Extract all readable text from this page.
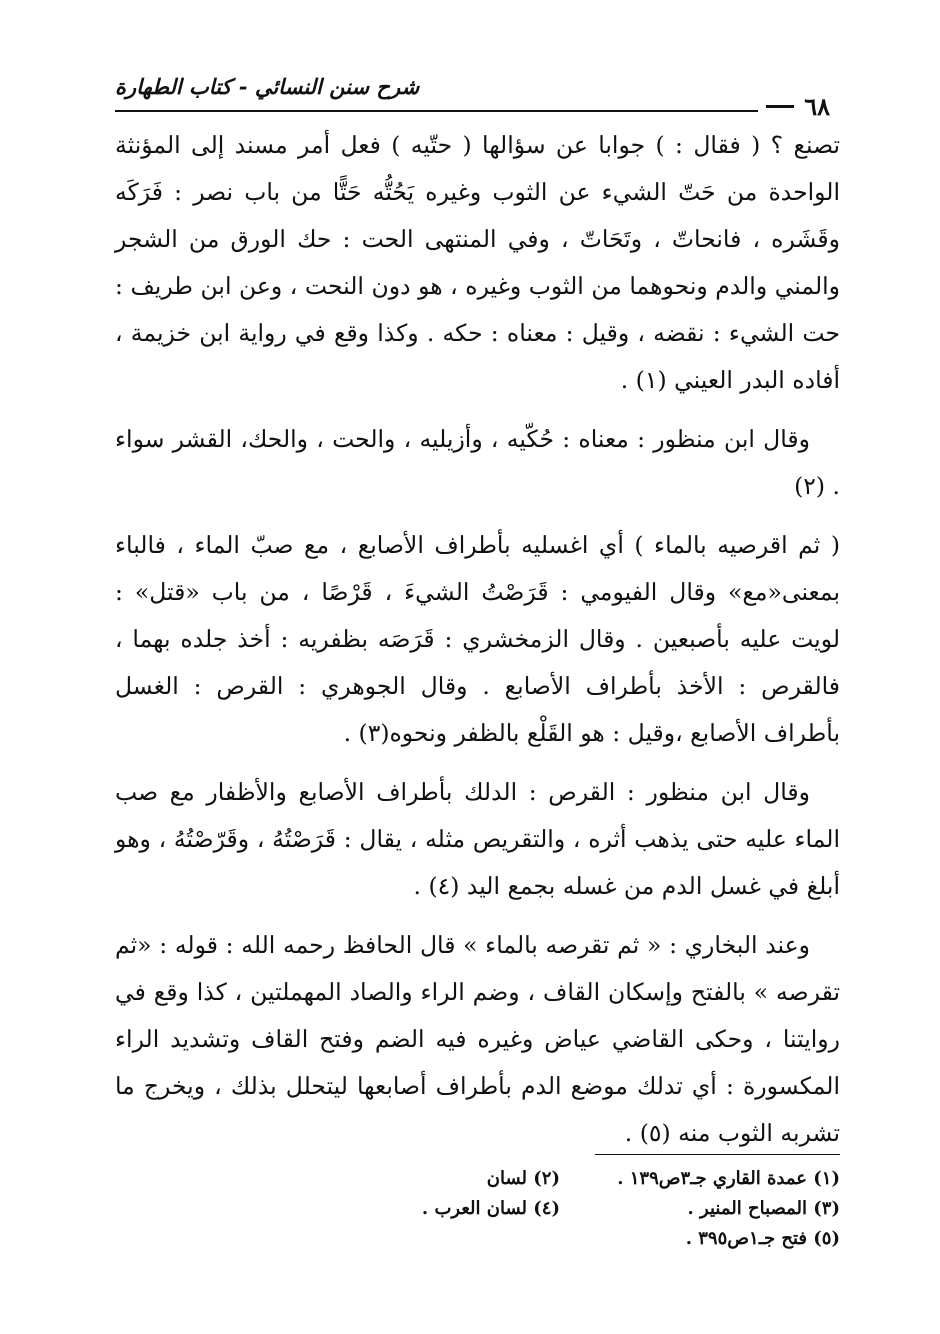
شرح سنن النسائي - كتاب الطهارة
٦٨

تصنع ؟ ( فقال : ) جوابا عن سؤالها ( حتّيه ) فعل أمر مسند إلى المؤنثة الواحدة من حَتّ الشيء عن الثوب وغيره يَحُتُّه حَتًّا من باب نصر : فَرَكَه وقَشَره ، فانحاتّ ، وتَحَاتّ ، وفي المنتهى الحت : حك الورق من الشجر والمني والدم ونحوهما من الثوب وغيره ، هو دون النحت ، وعن ابن طريف : حت الشيء : نقضه ، وقيل : معناه : حكه . وكذا وقع في رواية ابن خزيمة ، أفاده البدر العيني (١) .

وقال ابن منظور : معناه : حُكّيه ، وأزيليه ، والحت ، والحك، القشر سواء . (٢)

( ثم اقرصيه بالماء ) أي اغسليه بأطراف الأصابع ، مع صبّ الماء ، فالباء بمعنى«مع» وقال الفيومي : قَرَصْتُ الشيءَ ، قَرْصًا ، من باب «قتل» : لويت عليه بأصبعين . وقال الزمخشري : قَرَصَه بظفريه : أخذ جلده بهما ، فالقرص : الأخذ بأطراف الأصابع . وقال الجوهري : القرص : الغسل بأطراف الأصابع ،وقيل : هو القَلْع بالظفر ونحوه(٣) .

وقال ابن منظور : القرص : الدلك بأطراف الأصابع والأظفار مع صب الماء عليه حتى يذهب أثره ، والتقريص مثله ، يقال : قَرَصْتُهُ ، وقَرّصْتُهُ ، وهو أبلغ في غسل الدم من غسله بجمع اليد (٤) .

وعند البخاري : « ثم تقرصه بالماء » قال الحافظ رحمه الله : قوله : «ثم تقرصه » بالفتح وإسكان القاف ، وضم الراء والصاد المهملتين ، كذا وقع في روايتنا ، وحكى القاضي عياض وغيره فيه الضم وفتح القاف وتشديد الراء المكسورة : أي تدلك موضع الدم بأطراف أصابعها ليتحلل بذلك ، ويخرج ما تشربه الثوب منه (٥) .

(١) عمدة القاري جـ٣ص١٣٩ .
(٢) لسان
(٣) المصباح المنير .
(٤) لسان العرب .
(٥) فتح جـ١ص٣٩٥ .
